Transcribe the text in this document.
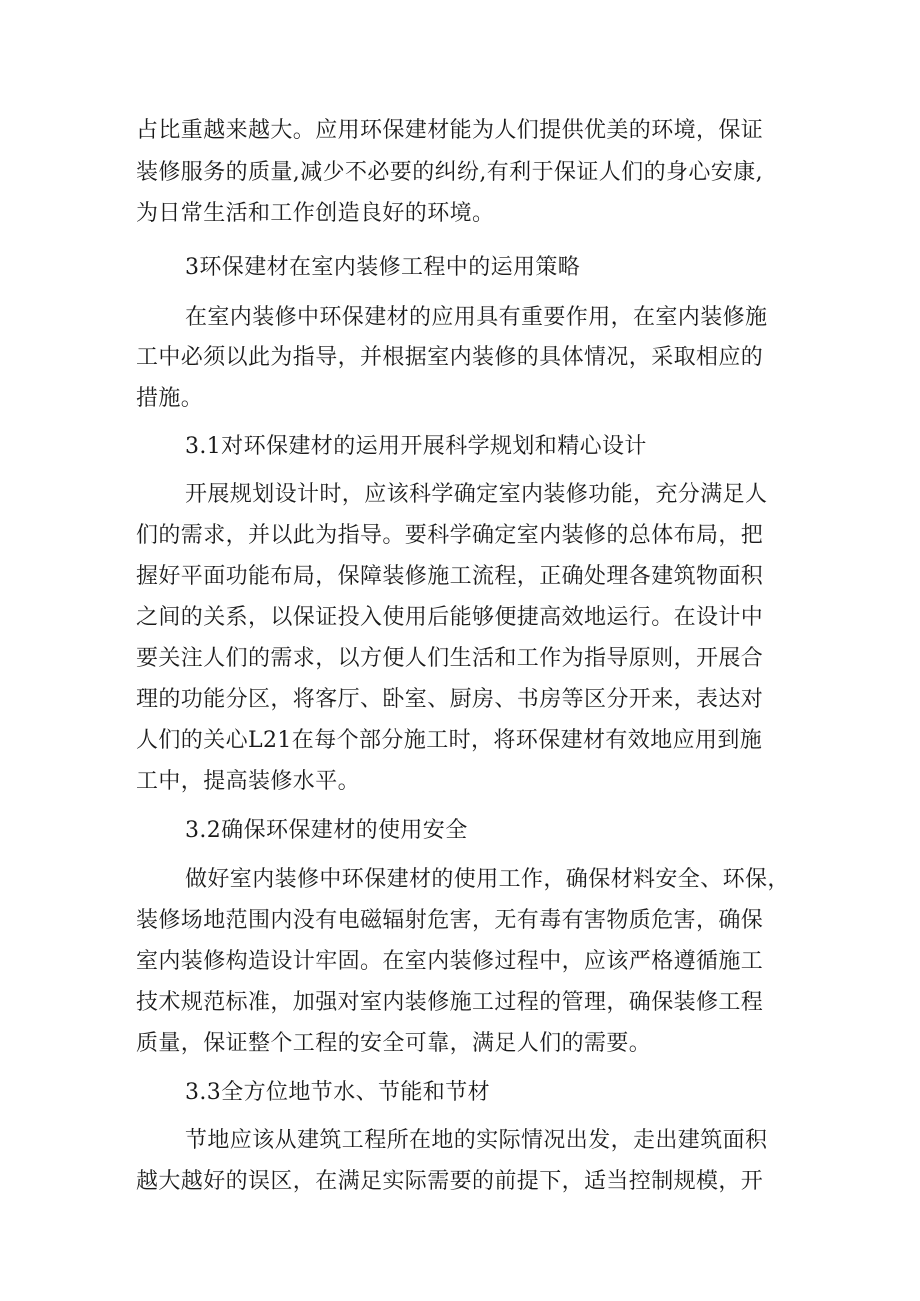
占比重越来越大。应用环保建材能为人们提供优美的环境，保证
装修服务的质量,减少不必要的纠纷,有利于保证人们的身心安康,
为日常生活和工作创造良好的环境。
3环保建材在室内装修工程中的运用策略
在室内装修中环保建材的应用具有重要作用，在室内装修施
工中必须以此为指导，并根据室内装修的具体情况，采取相应的
措施。
3.1对环保建材的运用开展科学规划和精心设计
开展规划设计时，应该科学确定室内装修功能，充分满足人
们的需求，并以此为指导。要科学确定室内装修的总体布局，把
握好平面功能布局，保障装修施工流程，正确处理各建筑物面积
之间的关系，以保证投入使用后能够便捷高效地运行。在设计中
要关注人们的需求，以方便人们生活和工作为指导原则，开展合
理的功能分区，将客厅、卧室、厨房、书房等区分开来，表达对
人们的关心L21在每个部分施工时，将环保建材有效地应用到施
工中，提高装修水平。
3.2确保环保建材的使用安全
做好室内装修中环保建材的使用工作，确保材料安全、环保，
装修场地范围内没有电磁辐射危害，无有毒有害物质危害，确保
室内装修构造设计牢固。在室内装修过程中，应该严格遵循施工
技术规范标准，加强对室内装修施工过程的管理，确保装修工程
质量，保证整个工程的安全可靠，满足人们的需要。
3.3全方位地节水、节能和节材
节地应该从建筑工程所在地的实际情况出发，走出建筑面积
越大越好的误区，在满足实际需要的前提下，适当控制规模，开
